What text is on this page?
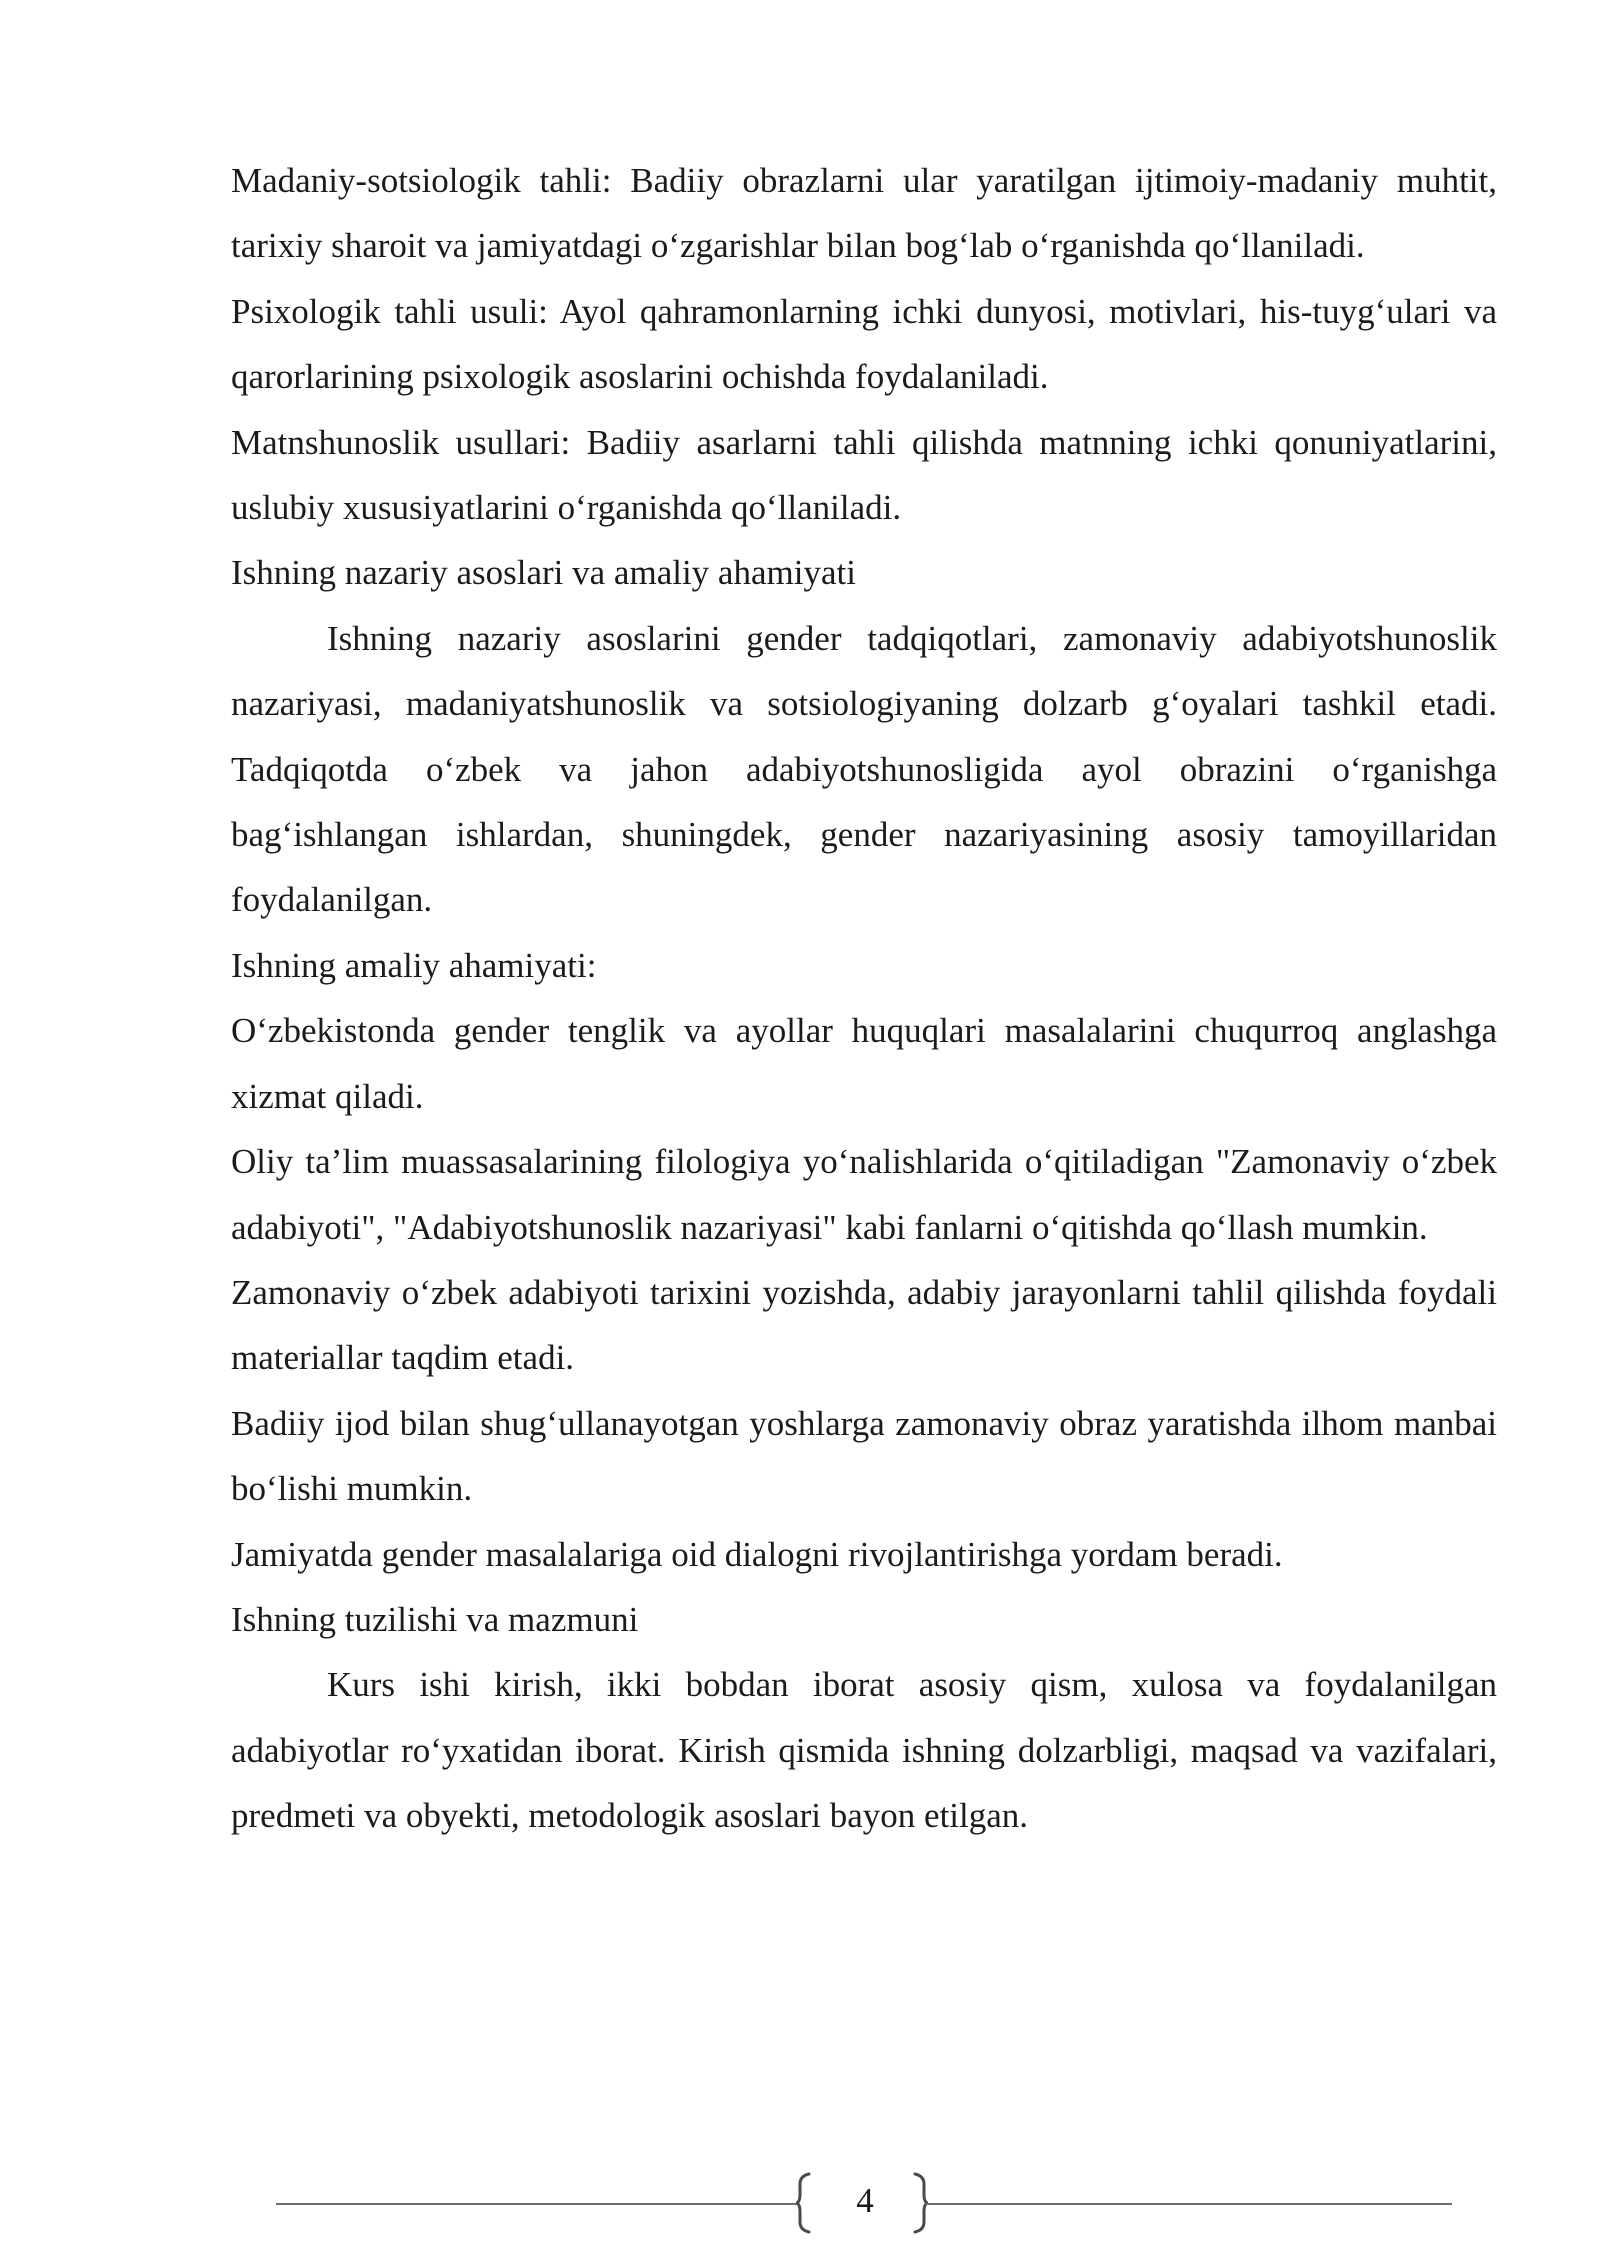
Madaniy-sotsiologik tahli: Badiiy obrazlarni ular yaratilgan ijtimoiy-madaniy muhtit, tarixiy sharoit va jamiyatdagi o‘zgarishlar bilan bog‘lab o‘rganishda qo‘llaniladi.

Psixologik tahli usuli: Ayol qahramonlarning ichki dunyosi, motivlari, his-tuyg‘ulari va qarorlarining psixologik asoslarini ochishda foydalaniladi.

Matnshunoslik usullari: Badiiy asarlarni tahli qilishda matnning ichki qonuniyatlarini, uslubiy xususiyatlarini o‘rganishda qo‘llaniladi.

Ishning nazariy asoslari va amaliy ahamiyati

Ishning nazariy asoslarini gender tadqiqotlari, zamonaviy adabiyotshunoslik nazariyasi, madaniyatshunoslik va sotsiologiyaning dolzarb g‘oyalari tashkil etadi. Tadqiqotda o‘zbek va jahon adabiyotshunosligida ayol obrazini o‘rganishga bag‘ishlangan ishlardan, shuningdek, gender nazariyasining asosiy tamoyillaridan foydalanilgan.

Ishning amaliy ahamiyati:

O‘zbekistonda gender tenglik va ayollar huquqlari masalalarini chuqurroq anglashga xizmat qiladi.

Oliy ta’lim muassasalarining filologiya yo‘nalishlarida o‘qitiladigan "Zamonaviy o‘zbek adabiyoti", "Adabiyotshunoslik nazariyasi" kabi fanlarni o‘qitishda qo‘llash mumkin.

Zamonaviy o‘zbek adabiyoti tarixini yozishda, adabiy jarayonlarni tahlil qilishda foydali materiallar taqdim etadi.

Badiiy ijod bilan shug‘ullanayotgan yoshlarga zamonaviy obraz yaratishda ilhom manbai bo‘lishi mumkin.

Jamiyatda gender masalalariga oid dialogni rivojlantirishga yordam beradi.

Ishning tuzilishi va mazmuni

Kurs ishi kirish, ikki bobdan iborat asosiy qism, xulosa va foydalanilgan adabiyotlar ro‘yxatidan iborat. Kirish qismida ishning dolzarbligi, maqsad va vazifalari, predmeti va obyekti, metodologik asoslari bayon etilgan.

4
